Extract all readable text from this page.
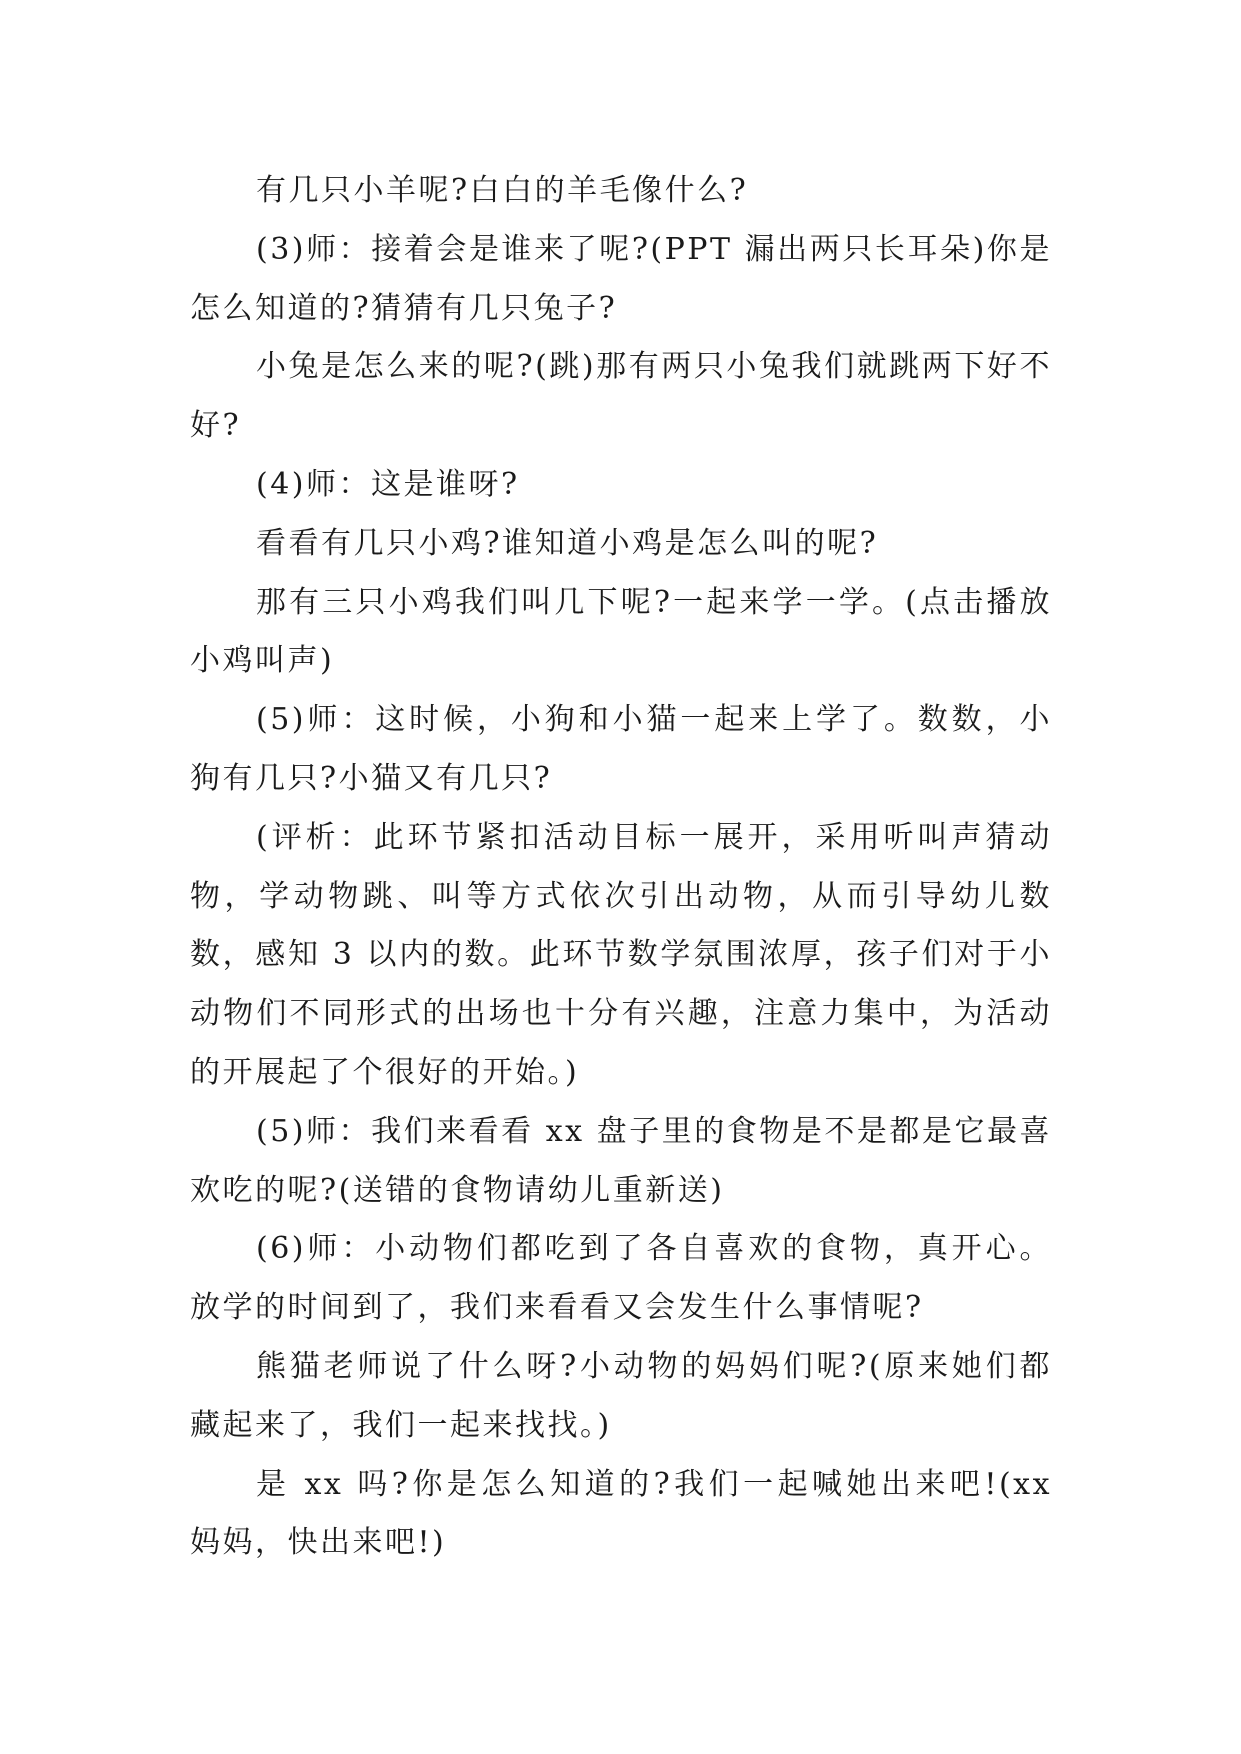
有几只小羊呢?白白的羊毛像什么?

(3)师：接着会是谁来了呢?(PPT 漏出两只长耳朵)你是怎么知道的?猜猜有几只兔子?

小兔是怎么来的呢?(跳)那有两只小兔我们就跳两下好不好?

(4)师：这是谁呀?

看看有几只小鸡?谁知道小鸡是怎么叫的呢?

那有三只小鸡我们叫几下呢?一起来学一学。(点击播放小鸡叫声)

(5)师：这时候，小狗和小猫一起来上学了。数数，小狗有几只?小猫又有几只?

(评析：此环节紧扣活动目标一展开，采用听叫声猜动物，学动物跳、叫等方式依次引出动物，从而引导幼儿数数，感知 3 以内的数。此环节数学氛围浓厚，孩子们对于小动物们不同形式的出场也十分有兴趣，注意力集中，为活动的开展起了个很好的开始。)

(5)师：我们来看看 xx 盘子里的食物是不是都是它最喜欢吃的呢?(送错的食物请幼儿重新送)

(6)师：小动物们都吃到了各自喜欢的食物，真开心。放学的时间到了，我们来看看又会发生什么事情呢?

熊猫老师说了什么呀?小动物的妈妈们呢?(原来她们都藏起来了，我们一起来找找。)

是 xx 吗?你是怎么知道的?我们一起喊她出来吧!(xx 妈妈，快出来吧!)
